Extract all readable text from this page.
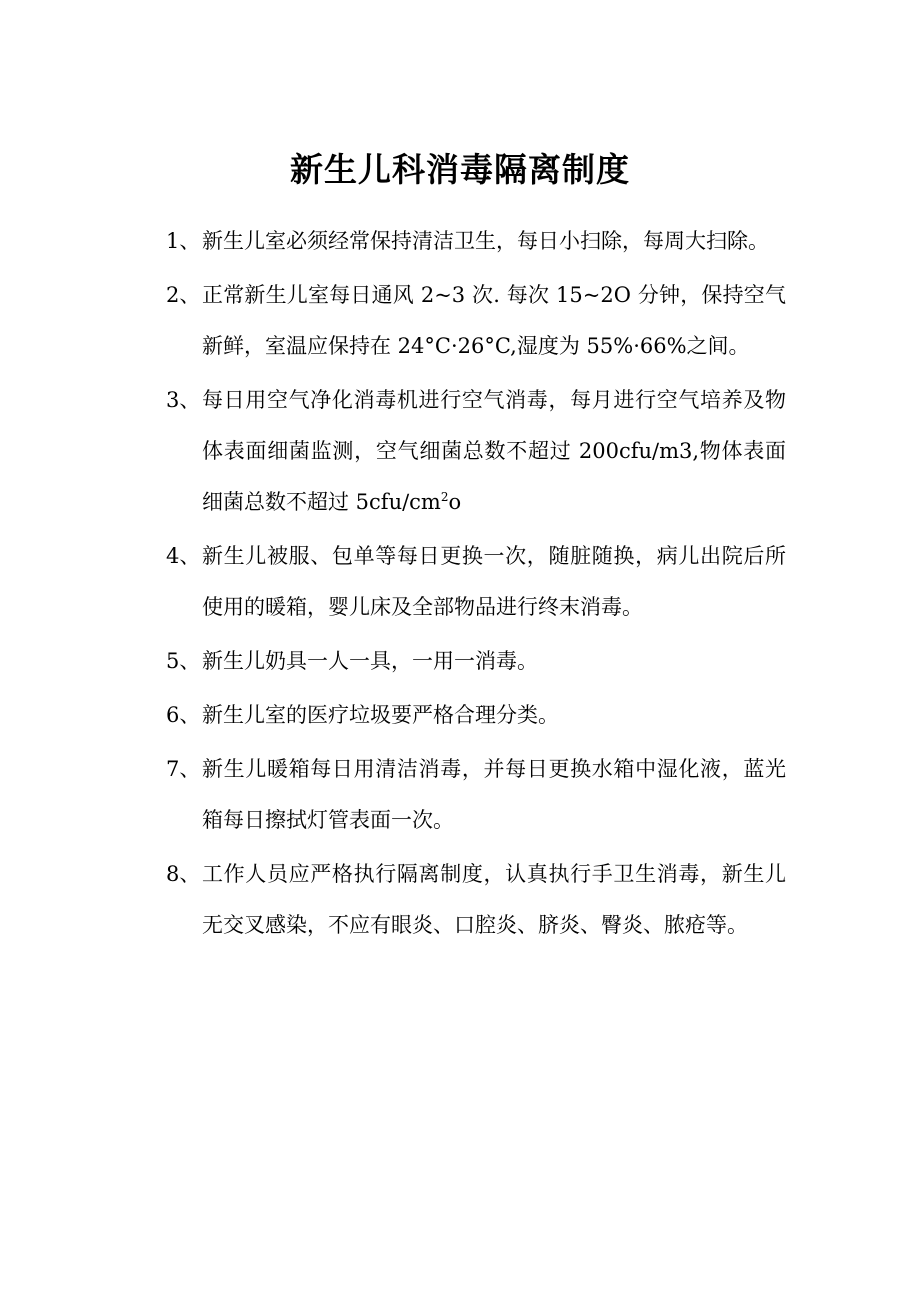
新生儿科消毒隔离制度
1、 新生儿室必须经常保持清洁卫生，每日小扫除，每周大扫除。
2、 正常新生儿室每日通风 2~3 次. 每次 15~2O 分钟，保持空气新鲜，室温应保持在 24°C·26°C,湿度为 55%·66%之间。
3、 每日用空气净化消毒机进行空气消毒，每月进行空气培养及物体表面细菌监测，空气细菌总数不超过 200cfu∕m3,物体表面细菌总数不超过 $5cfu∕cm^2o$
4、 新生儿被服、包单等每日更换一次，随脏随换，病儿出院后所使用的暖箱，婴儿床及全部物品进行终末消毒。
5、 新生儿奶具一人一具，一用一消毒。
6、 新生儿室的医疗垃圾要严格合理分类。
7、 新生儿暖箱每日用清洁消毒，并每日更换水箱中湿化液，蓝光箱每日擦拭灯管表面一次。
8、 工作人员应严格执行隔离制度，认真执行手卫生消毒，新生儿无交叉感染，不应有眼炎、口腔炎、脐炎、臀炎、脓疮等。
